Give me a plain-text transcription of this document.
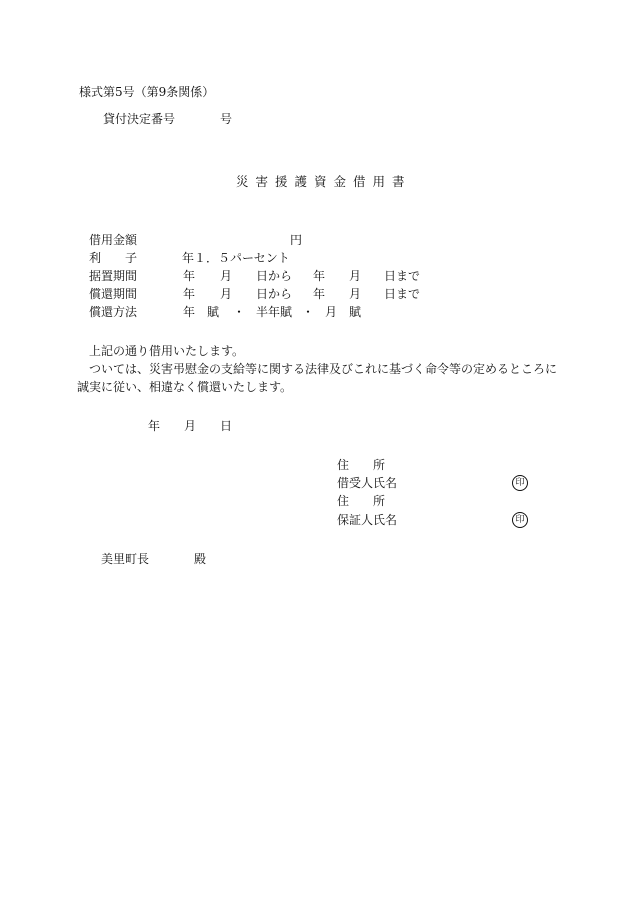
様式第5号（第9条関係）
貸付決定番号	号
災害援護資金借用書
借用金額	円
利　　子	年１．５パーセント
据置期間	年 月 日から 年 月 日まで
償還期間	年 月 日から 年 月 日まで
償還方法	年　賦 ・ 半年賦 ・ 月　賦
上記の通り借用いたします。
ついては、災害弔慰金の支給等に関する法律及びこれに基づく命令等の定めるところに
誠実に従い、相違なく償還いたします。
年 月 日
住　　所
借受人氏名	印
住　　所
保証人氏名	印
美里町長	殿
